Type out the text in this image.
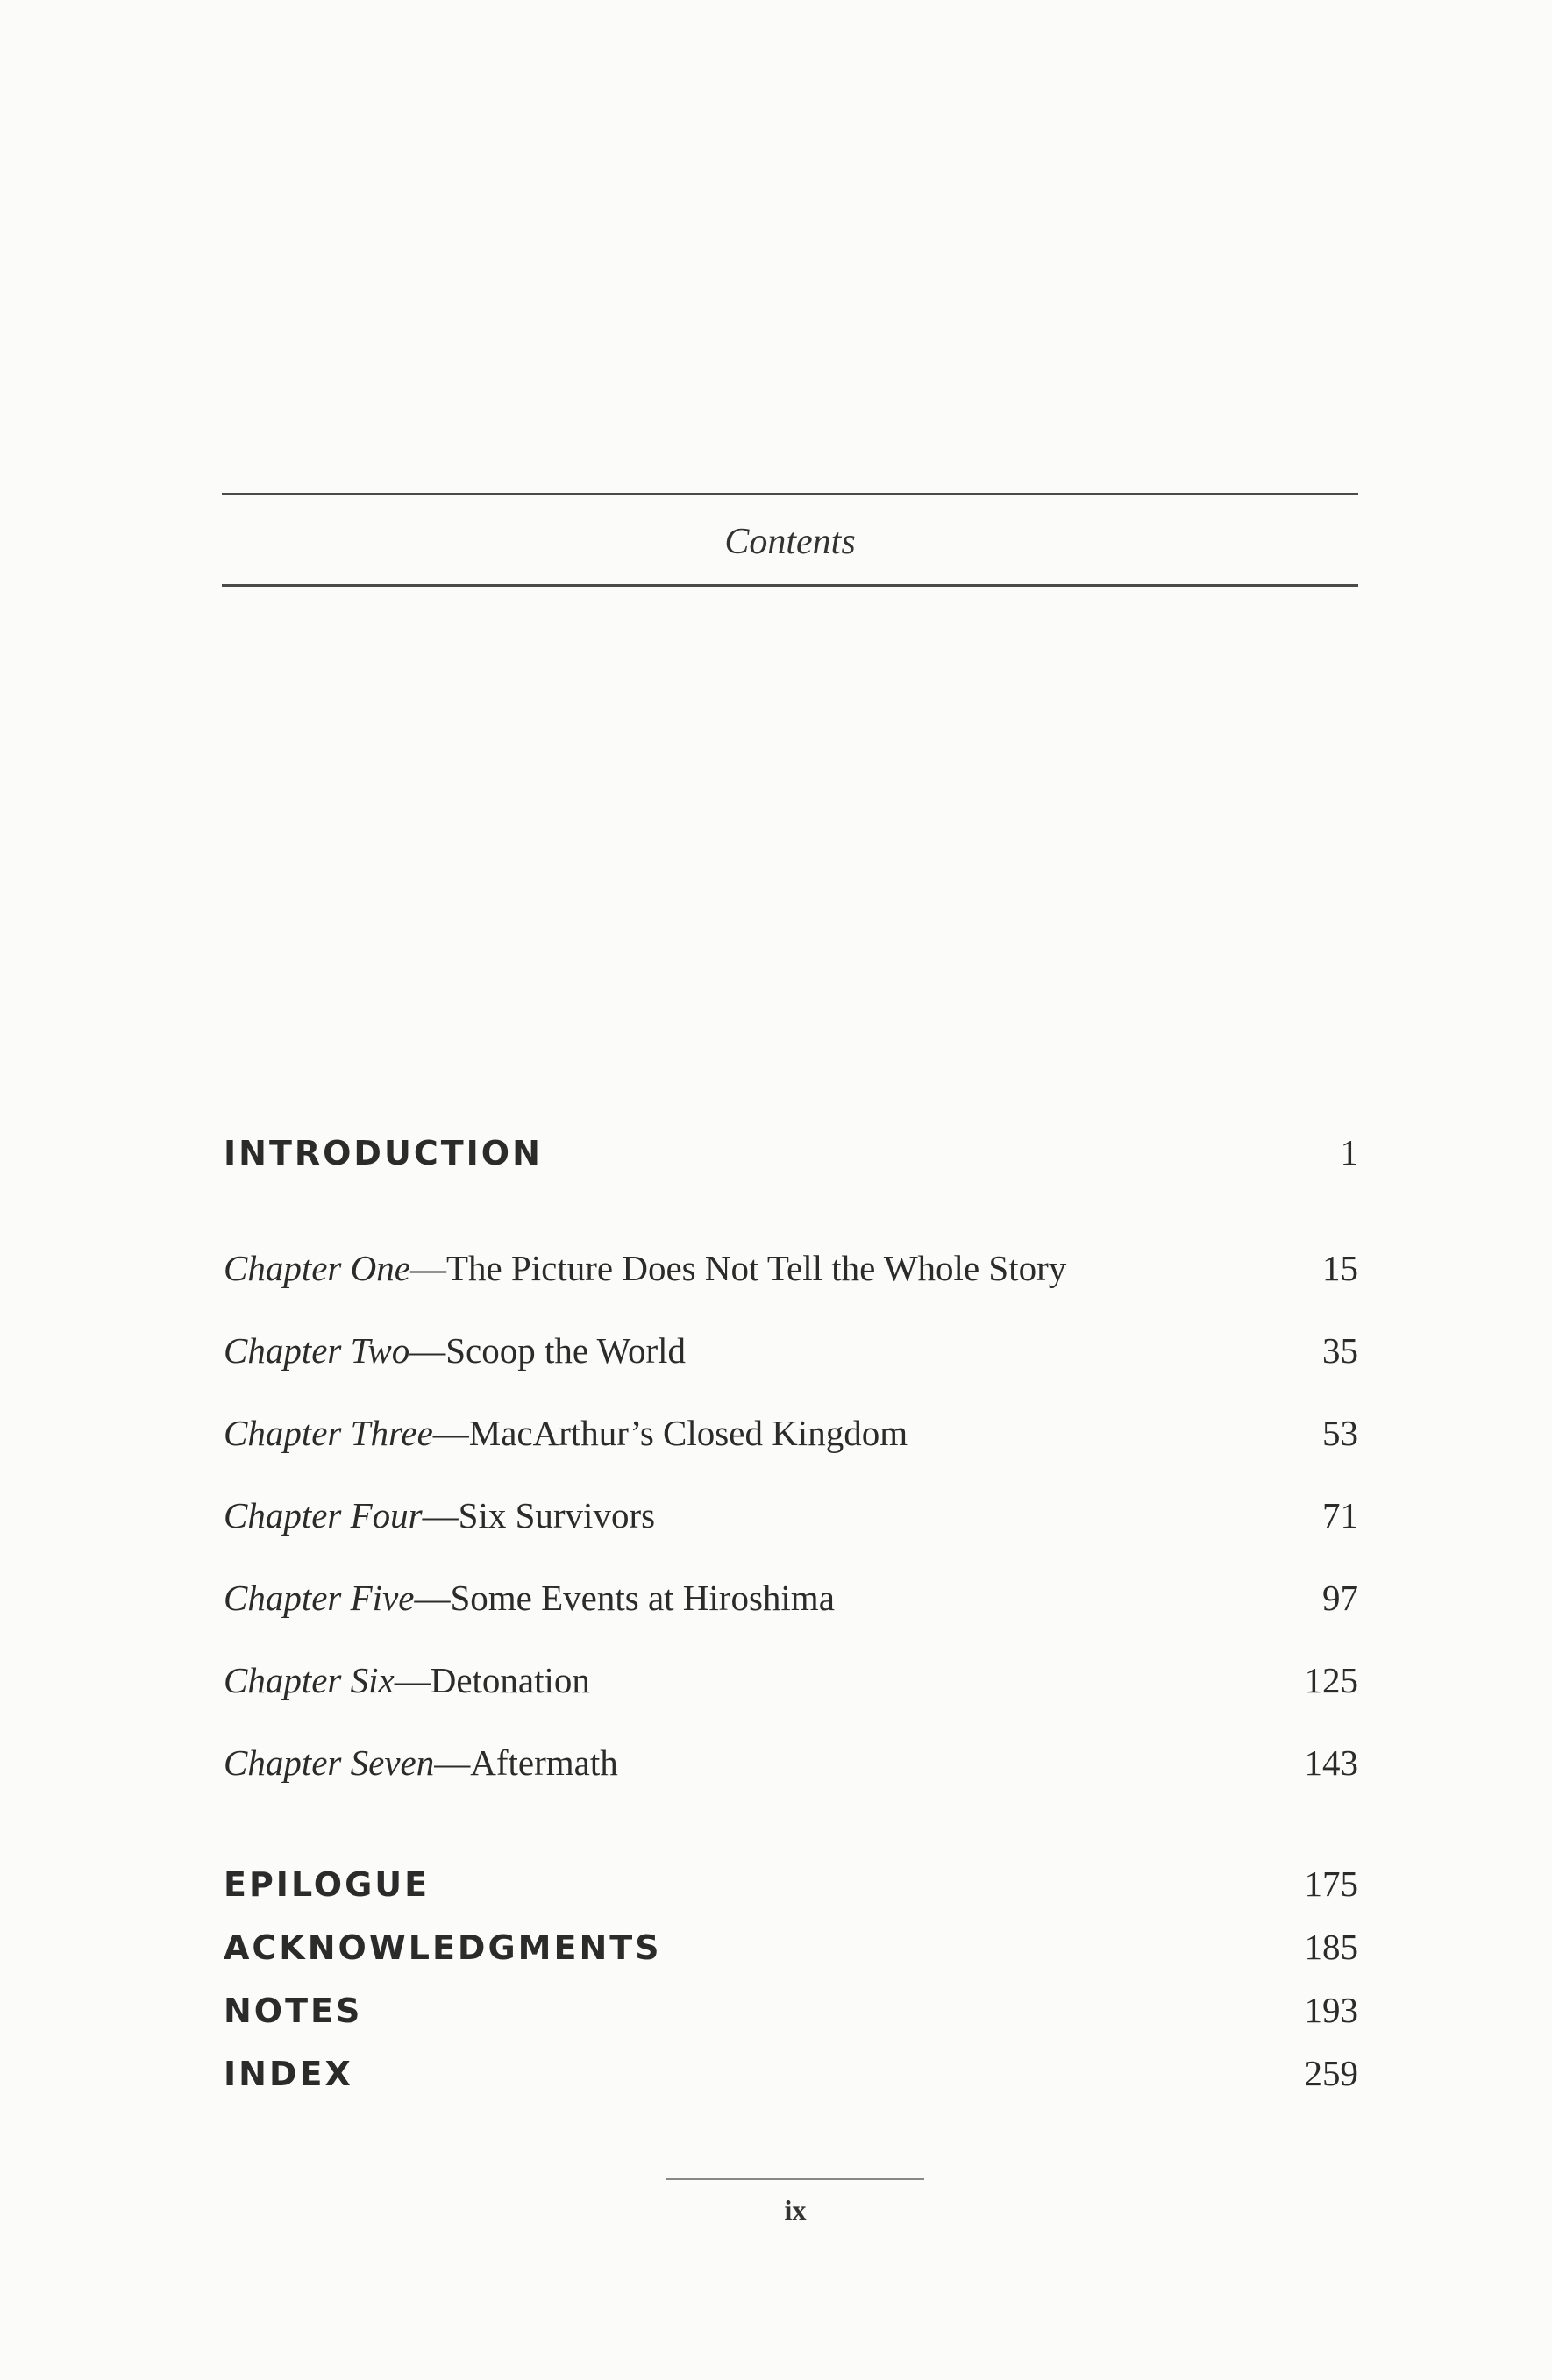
Contents
INTRODUCTION	1
Chapter One—The Picture Does Not Tell the Whole Story	15
Chapter Two—Scoop the World	35
Chapter Three—MacArthur’s Closed Kingdom	53
Chapter Four—Six Survivors	71
Chapter Five—Some Events at Hiroshima	97
Chapter Six—Detonation	125
Chapter Seven—Aftermath	143
EPILOGUE	175
ACKNOWLEDGMENTS	185
NOTES	193
INDEX	259
ix
